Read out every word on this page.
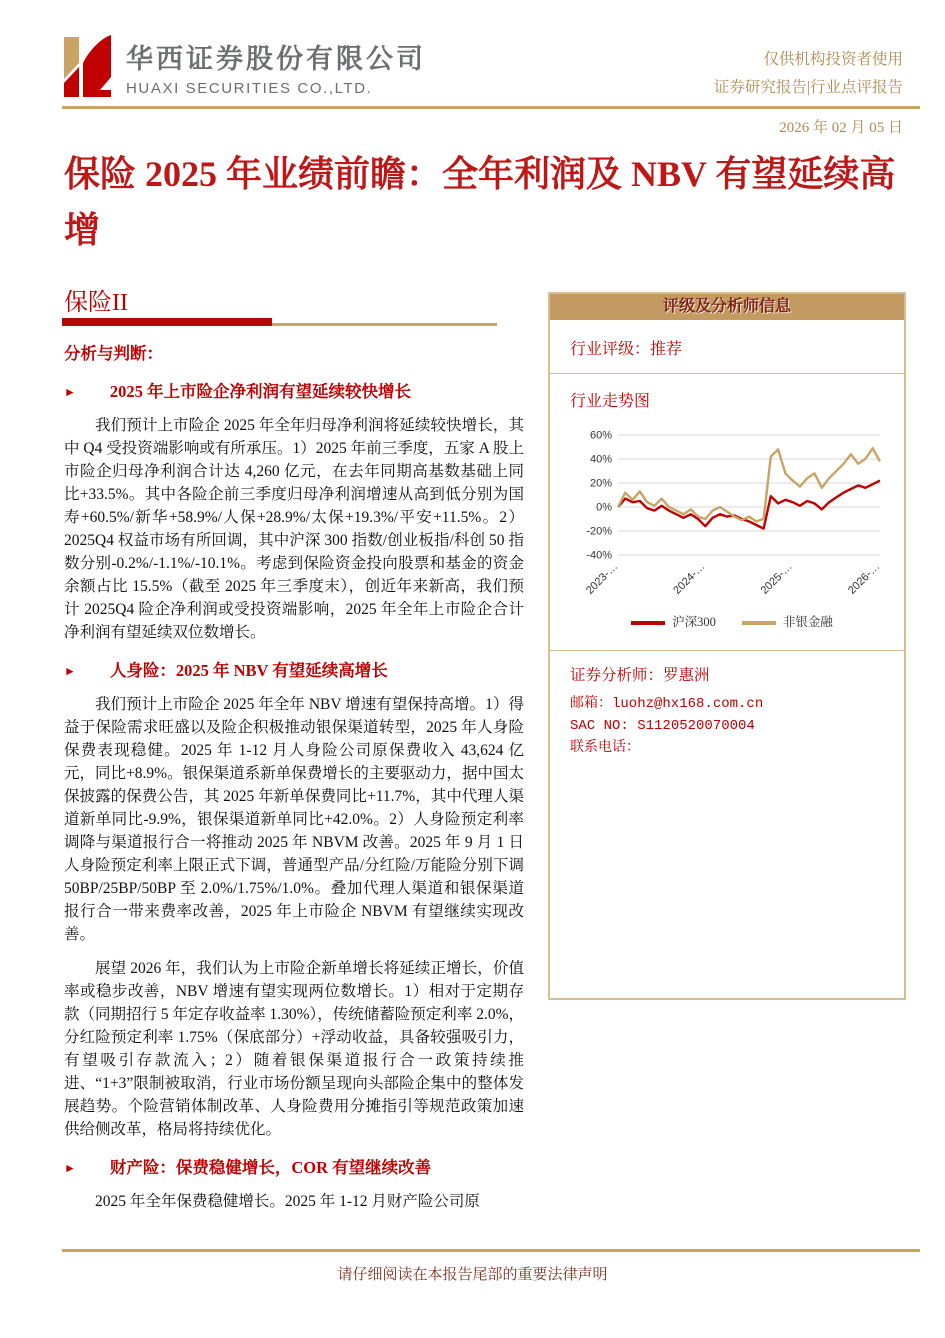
华西证券股份有限公司
HUAXI SECURITIES CO.,LTD.
仅供机构投资者使用
证券研究报告|行业点评报告
2026 年 02 月 05 日
保险 2025 年业绩前瞻：全年利润及 NBV 有望延续高增
保险II
分析与判断：
►	2025 年上市险企净利润有望延续较快增长

我们预计上市险企 2025 年全年归母净利润将延续较快增长，其中 Q4 受投资端影响或有所承压。1）2025 年前三季度，五家 A 股上市险企归母净利润合计达 4,260 亿元，在去年同期高基数基础上同比+33.5%。其中各险企前三季度归母净利润增速从高到低分别为国寿+60.5%/新华+58.9%/人保+28.9%/太保+19.3%/平安+11.5%。2）2025Q4 权益市场有所回调，其中沪深 300 指数/创业板指/科创 50 指数分别-0.2%/-1.1%/-10.1%。考虑到保险资金投向股票和基金的资金余额占比 15.5%（截至 2025 年三季度末），创近年来新高，我们预计 2025Q4 险企净利润或受投资端影响，2025 年全年上市险企合计净利润有望延续双位数增长。

►	人身险：2025 年 NBV 有望延续高增长

我们预计上市险企 2025 年全年 NBV 增速有望保持高增。1）得益于保险需求旺盛以及险企积极推动银保渠道转型，2025 年人身险保费表现稳健。2025 年 1-12 月人身险公司原保费收入 43,624 亿元，同比+8.9%。银保渠道系新单保费增长的主要驱动力，据中国太保披露的保费公告，其 2025 年新单保费同比+11.7%，其中代理人渠道新单同比-9.9%，银保渠道新单同比+42.0%。2）人身险预定利率调降与渠道报行合一将推动 2025 年 NBVM 改善。2025 年 9 月 1 日人身险预定利率上限正式下调，普通型产品/分红险/万能险分别下调 50BP/25BP/50BP 至 2.0%/1.75%/1.0%。叠加代理人渠道和银保渠道报行合一带来费率改善，2025 年上市险企 NBVM 有望继续实现改善。

展望 2026 年，我们认为上市险企新单增长将延续正增长，价值率或稳步改善，NBV 增速有望实现两位数增长。1）相对于定期存款（同期招行 5 年定存收益率 1.30%），传统储蓄险预定利率 2.0%，分红险预定利率 1.75%（保底部分）+浮动收益，具备较强吸引力，有望吸引存款流入；2）随着银保渠道报行合一政策持续推进、“1+3”限制被取消，行业市场份额呈现向头部险企集中的整体发展趋势。个险营销体制改革、人身险费用分摊指引等规范政策加速供给侧改革，格局将持续优化。

►	财产险：保费稳健增长，COR 有望继续改善

2025 年全年保费稳健增长。2025 年 1-12 月财产险公司原

评级及分析师信息
行业评级：推荐
行业走势图
60%
40%
20%
0%
-20%
-40%
2023-…	2024-…	2025-…	2026-…
沪深300	非银金融
证券分析师：罗惠洲
邮箱：luohz@hx168.com.cn
SAC NO: S1120520070004
联系电话：
请仔细阅读在本报告尾部的重要法律声明
